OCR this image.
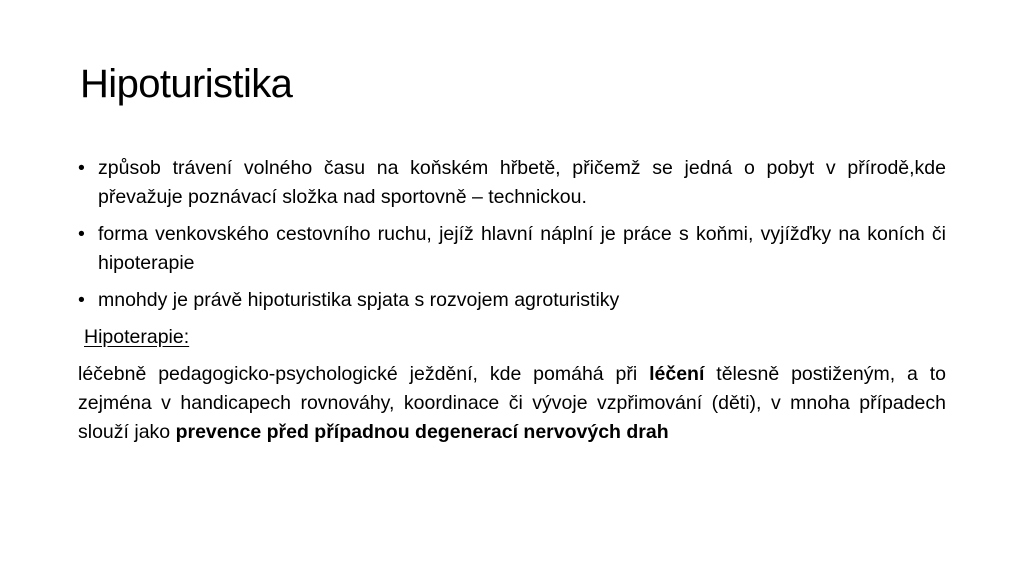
Hipoturistika
• způsob trávení volného času na koňském hřbetě, přičemž se jedná o pobyt v přírodě,kde převažuje poznávací složka nad sportovně – technickou.
• forma venkovského cestovního ruchu, jejíž hlavní náplní je práce s koňmi, vyjížďky na koních či hipoterapie
• mnohdy je právě hipoturistika spjata s rozvojem agroturistiky
Hipoterapie:

léčebně pedagogicko-psychologické ježdění, kde pomáhá při léčení tělesně postiženým, a to zejména v handicapech rovnováhy, koordinace či vývoje vzpřimování (děti), v mnoha případech slouží jako prevence před případnou degenerací nervových drah
